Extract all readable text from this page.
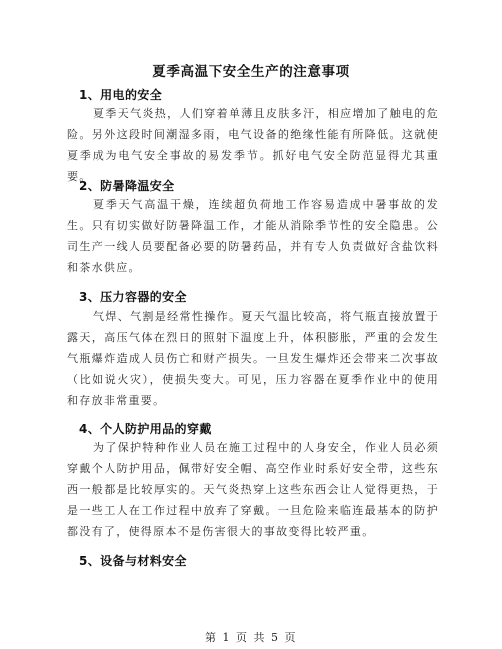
夏季高温下安全生产的注意事项
1、用电的安全
夏季天气炎热，人们穿着单薄且皮肤多汗，相应增加了触电的危险。另外这段时间潮湿多雨，电气设备的绝缘性能有所降低。这就使夏季成为电气安全事故的易发季节。抓好电气安全防范显得尤其重要。
2、防暑降温安全
夏季天气高温干燥，连续超负荷地工作容易造成中暑事故的发生。只有切实做好防暑降温工作，才能从消除季节性的安全隐患。公司生产一线人员要配备必要的防暑药品，并有专人负责做好含盐饮料和茶水供应。
3、压力容器的安全
气焊、气割是经常性操作。夏天气温比较高，将气瓶直接放置于露天，高压气体在烈日的照射下温度上升，体积膨胀，严重的会发生气瓶爆炸造成人员伤亡和财产损失。一旦发生爆炸还会带来二次事故（比如说火灾），使损失变大。可见，压力容器在夏季作业中的使用和存放非常重要。
4、个人防护用品的穿戴
为了保护特种作业人员在施工过程中的人身安全，作业人员必须穿戴个人防护用品，佩带好安全帽、高空作业时系好安全带，这些东西一般都是比较厚实的。天气炎热穿上这些东西会让人觉得更热，于是一些工人在工作过程中放弃了穿戴。一旦危险来临连最基本的防护都没有了，使得原本不是伤害很大的事故变得比较严重。
5、设备与材料安全
第 1 页 共 5 页
